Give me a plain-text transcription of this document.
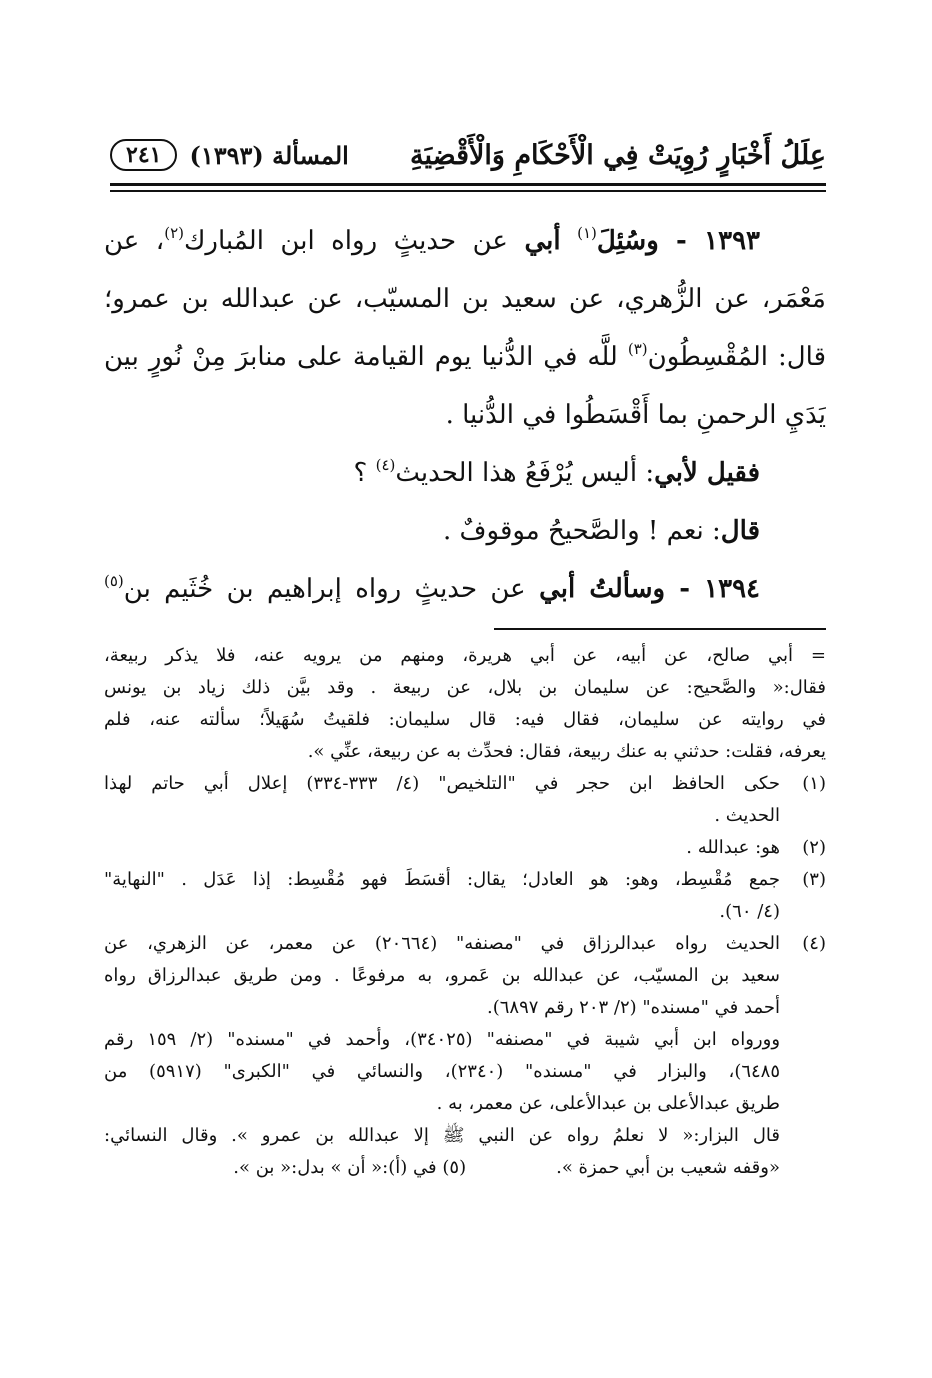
عِلَلُ أَخْبَارٍ رُوِيَتْ فِي الْأَحْكَامِ وَالْأَقْضِيَةِ
المسألة (١٣٩٣)
٢٤١
١٣٩٣ - وسُئِلَ$^{(١)}$ أبي عن حديثٍ رواه ابن المُبارك$^{(٢)}$، عن
مَعْمَر، عن الزُّهري، عن سعيد بن المسيّب، عن عبدالله بن عمرو؛
قال: المُقْسِطُون$^{(٣)}$ للَّه في الدُّنيا يوم القيامة على منابرَ مِنْ نُورٍ بين
يَدَيِ الرحمنِ بما أَقْسَطُوا في الدُّنيا .
فقيل لأبي: أليس يُرْفَعُ هذا الحديث$^{(٤)}$ ؟
قال: نعم ! والصَّحيحُ موقوفٌ .
١٣٩٤ - وسألتُ أبي عن حديثٍ رواه إبراهيم بن خُثَيم بن$^{(٥)}$
= أبي صالح، عن أبيه، عن أبي هريرة، ومنهم من يرويه عنه، فلا يذكر ربيعة،
فقال:« والصَّحيح: عن سليمان بن بلال، عن ربيعة . وقد بيَّن ذلك زياد بن يونس
في روايته عن سليمان، فقال فيه: قال سليمان: فلقيتُ سُهَيلاً؛ سألته عنه، فلم
يعرفه، فقلت: حدثني به عنك ربيعة، فقال: فحدِّث به عن ربيعة، عنِّي ».
(١)
حكى الحافظ ابن حجر في "التلخيص" (٤/ ٣٣٣-٣٣٤) إعلال أبي حاتم لهذا
الحديث .
(٢)
هو: عبدالله .
(٣)
جمع مُقْسِط، وهو: هو العادل؛ يقال: أقسَطَ فهو مُقْسِط: إذا عَدَل . "النهاية"
(٤/ ٦٠).
(٤)
الحديث رواه عبدالرزاق في "مصنفه" (٢٠٦٦٤) عن معمر، عن الزهري، عن
سعيد بن المسيّب، عن عبدالله بن عَمرو، به مرفوعًا . ومن طريق عبدالرزاق رواه
أحمد في "مسنده" (٢/ ٢٠٣ رقم ٦٨٩٧).
وورواه ابن أبي شيبة في "مصنفه" (٣٤٠٢٥)، وأحمد في "مسنده" (٢/ ١٥٩ رقم
٦٤٨٥)، والبزار في "مسنده" (٢٣٤٠)، والنسائي في "الكبرى" (٥٩١٧) من
طريق عبدالأعلى بن عبدالأعلى، عن معمر، به .
قال البزار:« لا نعلمُ رواه عن النبي ﷺ إلا عبدالله بن عمرو ». وقال النسائي:
«وقفه شعيب بن أبي حمزة ».(٥) في (أ):« أن » بدل:« بن ».
